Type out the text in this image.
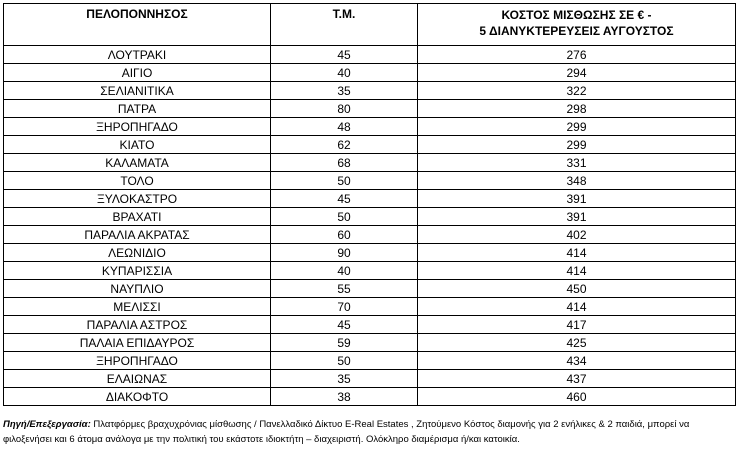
ΠΕΛΟΠΟΝΝΗΣΟΣ	Τ.Μ.	ΚΟΣΤΟΣ ΜΙΣΘΩΣΗΣ ΣΕ € -
5 ΔΙΑΝΥΚΤΕΡΕΥΣΕΙΣ ΑΥΓΟΥΣΤΟΣ
ΛΟΥΤΡΑΚΙ	45	276
ΑΙΓΙΟ	40	294
ΣΕΛΙΑΝΙΤΙΚΑ	35	322
ΠΑΤΡΑ	80	298
ΞΗΡΟΠΗΓΑΔΟ	48	299
ΚΙΑΤΟ	62	299
ΚΑΛΑΜΑΤΑ	68	331
ΤΟΛΟ	50	348
ΞΥΛΟΚΑΣΤΡΟ	45	391
ΒΡΑΧΑΤΙ	50	391
ΠΑΡΑΛΙΑ ΑΚΡΑΤΑΣ	60	402
ΛΕΩΝΙΔΙΟ	90	414
ΚΥΠΑΡΙΣΣΙΑ	40	414
ΝΑΥΠΛΙΟ	55	450
ΜΕΛΙΣΣΙ	70	414
ΠΑΡΑΛΙΑ ΑΣΤΡΟΣ	45	417
ΠΑΛΑΙΑ ΕΠΙΔΑΥΡΟΣ	59	425
ΞΗΡΟΠΗΓΑΔΟ	50	434
ΕΛΑΙΩΝΑΣ	35	437
ΔΙΑΚΟΦΤΟ	38	460
Πηγή/Επεξεργασία: Πλατφόρμες βραχυχρόνιας μίσθωσης / Πανελλαδικό Δίκτυο E-Real Estates , Ζητούμενο Κόστος διαμονής για 2 ενήλικες & 2 παιδιά, μπορεί να φιλοξενήσει και 6 άτομα ανάλογα με την πολιτική του εκάστοτε ιδιοκτήτη – διαχειριστή. Ολόκληρο διαμέρισμα ή/και κατοικία.
